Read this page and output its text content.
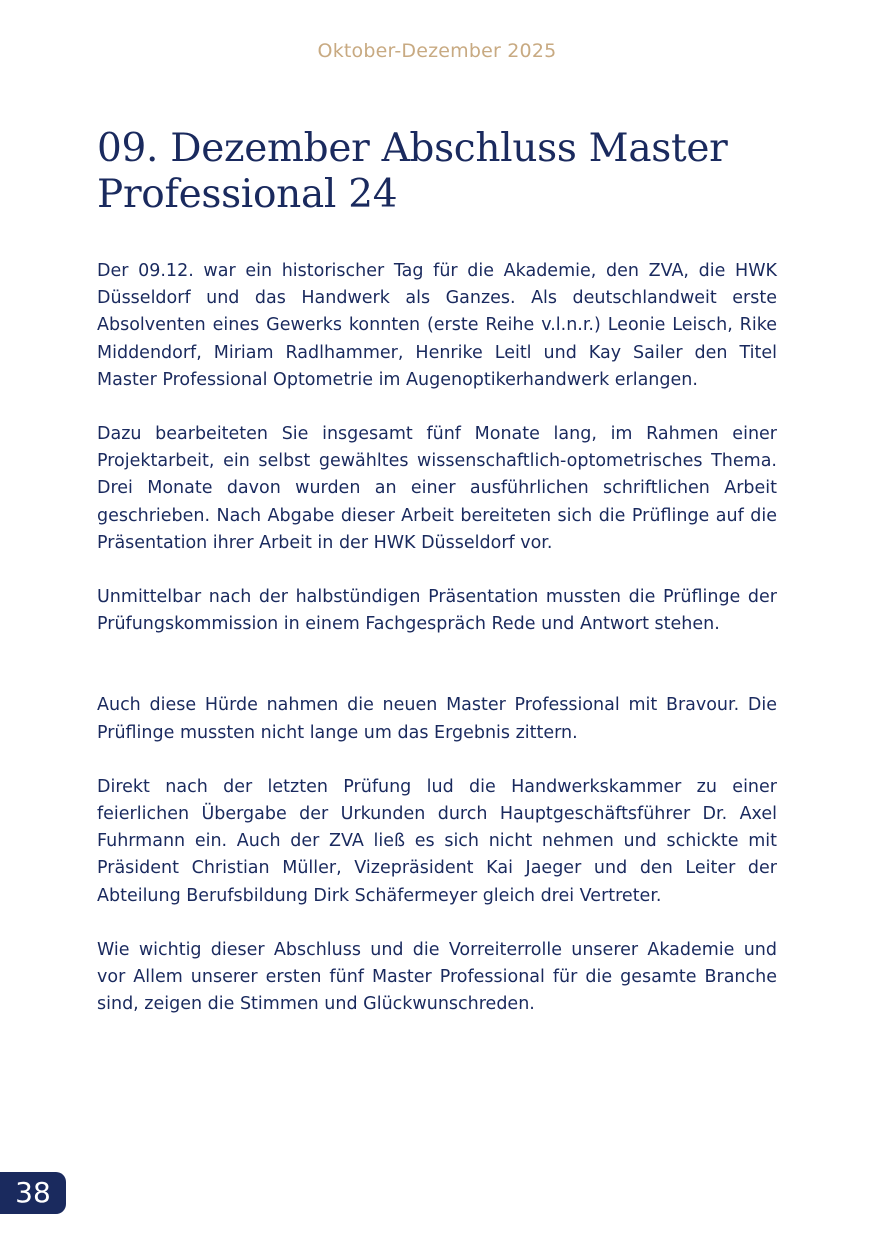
Oktober-Dezember 2025
09. Dezember Abschluss Master Professional 24

Der 09.12. war ein historischer Tag für die Akademie, den ZVA, die HWK Düsseldorf und das Handwerk als Ganzes. Als deutschlandweit erste Absolventen eines Gewerks konnten (erste Reihe v.l.n.r.) Leonie Leisch, Rike Middendorf, Miriam Radlhammer, Henrike Leitl und Kay Sailer den Titel Master Professional Optometrie im Augenoptikerhandwerk erlangen.

Dazu bearbeiteten Sie insgesamt fünf Monate lang, im Rahmen einer Projektarbeit, ein selbst gewähltes wissenschaftlich-optometrisches Thema. Drei Monate davon wurden an einer ausführlichen schriftlichen Arbeit geschrieben. Nach Abgabe dieser Arbeit bereiteten sich die Prüflinge auf die Präsentation ihrer Arbeit in der HWK Düsseldorf vor.

Unmittelbar nach der halbstündigen Präsentation mussten die Prüflinge der Prüfungskommission in einem Fachgespräch Rede und Antwort stehen.

Auch diese Hürde nahmen die neuen Master Professional mit Bravour. Die Prüflinge mussten nicht lange um das Ergebnis zittern.

Direkt nach der letzten Prüfung lud die Handwerkskammer zu einer feierlichen Übergabe der Urkunden durch Hauptgeschäftsführer Dr. Axel Fuhrmann ein. Auch der ZVA ließ es sich nicht nehmen und schickte mit Präsident Christian Müller, Vizepräsident Kai Jaeger und den Leiter der Abteilung Berufsbildung Dirk Schäfermeyer gleich drei Vertreter.

Wie wichtig dieser Abschluss und die Vorreiterrolle unserer Akademie und vor Allem unserer ersten fünf Master Professional für die gesamte Branche sind, zeigen die Stimmen und Glückwunschreden.

38
